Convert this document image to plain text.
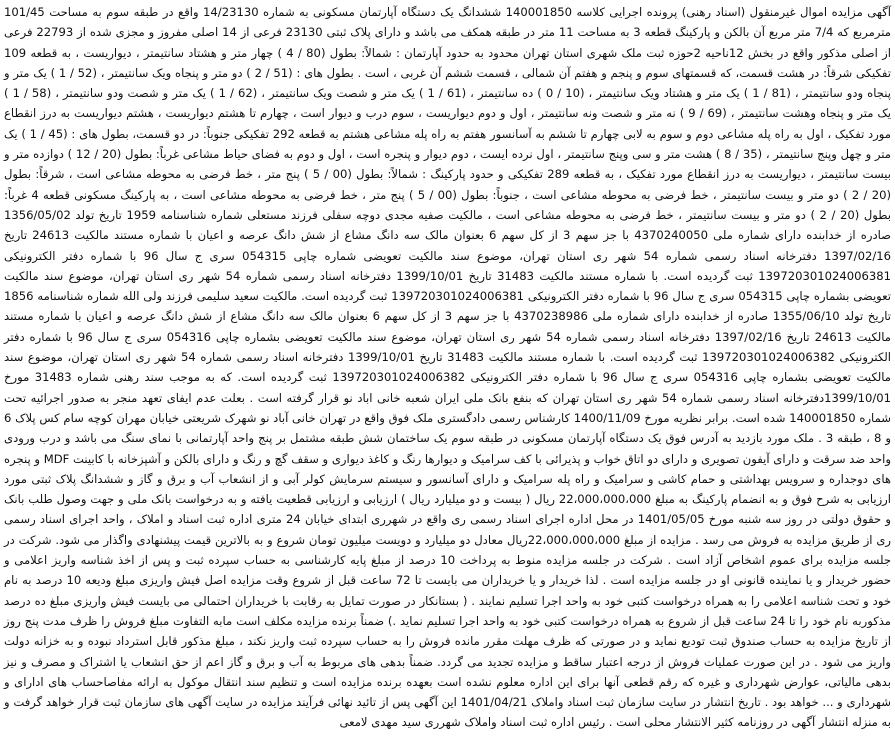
آگهی مزایده اموال غیرمنقول (اسناد رهنی) پرونده اجرایی کلاسه 140001850 ششدانگ یک دستگاه آپارتمان مسکونی به شماره 14/23130 واقع در طبقه سوم به مساحت 101/45 مترمربع که 7/4 متر مربع آن بالکن و پارکینگ قطعه 3 به مساحت 11 متر در طبقه همکف می باشد و دارای پلاک ثبتی 23130 فرعی از 14 اصلی مفروز و مجزی شده از 22793 فرعی از اصلی مذکور واقع در بخش 12ناحیه 2حوزه ثبت ملک شهری استان تهران محدود به حدود آپارتمان : شمالاً: بطول (80 / 4 ) چهار متر و هشتاد سانتیمتر ، دیواریست ، به قطعه 109 تفکیکی شرقاً: در هشت قسمت، که قسمتهای سوم و پنجم و هفتم آن شمالی ، قسمت ششم آن غربی ، است . بطول های : (51 / 2 ) دو متر و پنجاه ویک سانتیمتر ، (52 / 1 ) یک متر و پنجاه ودو سانتیمتر ، (81 / 1 ) یک متر و هشتاد ویک سانتیمتر ، (10 / 0 ) ده سانتیمتر ، (61 / 1 ) یک متر و شصت ویک سانتیمتر ، (62 / 1 ) یک متر و شصت ودو سانتیمتر ، (58 / 1 ) یک متر و پنجاه وهشت سانتیمتر ، (69 / 9 ) نه متر و شصت ونه سانتیمتر ، اول و دوم دیواریست ، سوم درب و دیوار است ، چهارم تا هشتم دیواریست ، هشتم دیواریست به درز انقطاع مورد تفکیک ، اول به راه پله مشاعی دوم و سوم به لابی چهارم تا ششم به آسانسور هفتم به راه پله مشاعی هشتم به قطعه 292 تفکیکی جنوباً: در دو قسمت، بطول های : (45 / 1 ) یک متر و چهل وپنج سانتیمتر ، (35 / 8 ) هشت متر و سی وپنج سانتیمتر ، اول نرده ایست ، دوم دیوار و پنجره است ، اول و دوم به فضای حیاط مشاعی غرباً: بطول (20 / 12 ) دوازده متر و بیست سانتیمتر ، دیواریست به درز انقطاع مورد تفکیک ، به قطعه 289 تفکیکی و حدود پارکینگ : شمالاً: بطول (00 / 5 ) پنج متر ، خط فرضی به محوطه مشاعی است ، شرقاً: بطول (20 / 2 ) دو متر و بیست سانتیمتر ، خط فرضی به محوطه مشاعی است ، جنوباً: بطول (00 / 5 ) پنج متر ، خط فرضی به محوطه مشاعی است ، به پارکینگ مسکونی قطعه 4 غرباً: بطول (20 / 2 ) دو متر و بیست سانتیمتر ، خط فرضی به محوطه مشاعی است ، مالکیت صفیه مجدی دوچه سفلی فرزند مستعلی شماره شناسنامه 1959 تاریخ تولد 1356/05/02 صادره از خدابنده دارای شماره ملی 4370240050 با جز سهم 3 از کل سهم 6 بعنوان مالک سه دانگ مشاع از شش دانگ عرصه و اعیان با شماره مستند مالکیت 24613 تاریخ 1397/02/16 دفترخانه اسناد رسمی شماره 54 شهر ری استان تهران، موضوع سند مالکیت تعویضی شماره چاپی 054315 سری ج سال 96 با شماره دفتر الکترونیکی 139720301024006381 ثبت گردیده است. با شماره مستند مالکیت 31483 تاریخ 1399/10/01 دفترخانه اسناد رسمی شماره 54 شهر ری استان تهران، موضوع سند مالکیت تعویضی بشماره چاپی 054315 سری ج سال 96 با شماره دفتر الکترونیکی 139720301024006381 ثبت گردیده است. مالکیت سعید سلیمی فرزند ولی الله شماره شناسنامه 1856 تاریخ تولد 1355/06/10 صادره از خدابنده دارای شماره ملی 4370238986 با جز سهم 3 از کل سهم 6 بعنوان مالک سه دانگ مشاع از شش دانگ عرصه و اعیان با شماره مستند مالکیت 24613 تاریخ 1397/02/16 دفترخانه اسناد رسمی شماره 54 شهر ری استان تهران، موضوع سند مالکیت تعویضی بشماره چاپی 054316 سری ج سال 96 با شماره دفتر الکترونیکی 139720301024006382 ثبت گردیده است. با شماره مستند مالکیت 31483 تاریخ 1399/10/01 دفترخانه اسناد رسمی شماره 54 شهر ری استان تهران، موضوع سند مالکیت تعویضی بشماره چاپی 054316 سری ج سال 96 با شماره دفتر الکترونیکی 139720301024006382 ثبت گردیده است. که به موجب سند رهنی شماره 31483 مورخ 1399/10/01دفترخانه اسناد رسمی شماره 54 شهر ری استان تهران که بنفع بانک ملی ایران شعبه خانی اباد نو قرار گرفته است . بعلت عدم ایفای تعهد منجر به صدور اجرائیه تحت شماره 140001850 شده است. برابر نظریه مورخ 1400/11/09 کارشناس رسمی دادگستری ملک فوق واقع در تهران خانی آباد نو شهرک شریعتی خیابان مهران کوچه سام کس پلاک 6 و 8 ، طبقه 3 . ملک مورد بازدید به آدرس فوق یک دستگاه آپارتمان مسکونی در طبقه سوم یک ساختمان شش طبقه مشتمل بر پنج واحد آپارتمانی با نمای سنگ می باشد و درب ورودی واحد ضد سرقت و دارای آیفون تصویری و دارای دو اتاق خواب و پذیرائی با کف سرامیک و دیوارها رنگ و کاغذ دیواری و سقف گچ و رنگ و دارای بالکن و آشپزخانه با کابینت MDF و پنجره های دوجداره و سرویس بهداشتی و حمام کاشی و سرامیک و راه پله سرامیک و دارای آسانسور و سیستم سرمایش کولر آبی و از انشعاب آب و برق و گاز و ششدانگ پلاک ثبتی مورد ارزیابی به شرح فوق و به انضمام پارکینگ به مبلغ 22،000،000،000 ریال ( بیست و دو میلیارد ریال ) ارزیابی و ارزیابی قطعیت یافته و به درخواست بانک ملی و جهت وصول طلب بانک و حقوق دولتی در روز سه شنبه مورخ 1401/05/05 در محل اداره اجرای اسناد رسمی ری واقع در شهرری ابتدای خیابان 24 متری اداره ثبت اسناد و املاک ، واحد اجرای اسناد رسمی ری از طریق مزایده به فروش می رسد . مزایده از مبلغ 22،000،000،000ریال معادل دو میلیارد و دویست میلیون تومان شروع و به بالاترین قیمت پیشنهادی واگذار می شود. شرکت در جلسه مزایده برای عموم اشخاص آزاد است . شرکت در جلسه مزایده منوط به پرداخت 10 درصد از مبلغ پایه کارشناسی به حساب سپرده ثبت و پس از اخذ شناسه واریز اعلامی و حضور خریدار و یا نماینده قانونی او در جلسه مزایده است . لذا خریدار و یا خریداران می بایست تا 72 ساعت قبل از شروع وقت مزایده اصل فیش واریزی مبلغ ودیعه 10 درصد به نام خود و تحت شناسه اعلامی را به همراه درخواست کتبی خود به واحد اجرا تسلیم نمایند . ( بستانکار در صورت تمایل به رقابت با خریداران احتمالی می بایست فیش واریزی مبلغ ده درصد مذکوربه نام خود را تا 24 ساعت قبل از شروع به همراه درخواست کتبی خود به واحد اجرا تسلیم نماید .) ضمناً برنده مزایده مکلف است مابه التفاوت مبلغ فروش را ظرف مدت پنج روز از تاریخ مزایده به حساب صندوق ثبت تودیع نماید و در صورتی که ظرف مهلت مقرر مانده فروش را به حساب سپرده ثبت واریز نکند ، مبلغ مذکور قابل استرداد نبوده و به خزانه دولت واریز می شود . در این صورت عملیات فروش از درجه اعتبار ساقط و مزایده تجدید می گردد. ضمناً بدهی های مربوط به آب و برق و گاز اعم از حق انشعاب یا اشتراک و مصرف و نیز بدهی مالیاتی، عوارض شهرداری و غیره که رقم قطعی آنها برای این اداره معلوم نشده است بعهده برنده مزایده است و تنظیم سند انتقال موکول به ارائه مفاصاحساب های ادارای و شهرداری و ... خواهد بود . تاریخ انتشار در سایت سازمان ثبت اسناد واملاک 1401/04/21 این آگهی پس از تائید نهائی فرآیند مزایده در سایت آگهی های سازمان ثبت قرار خواهد گرفت و به منزله انتشار آگهی در روزنامه کثیر الانتشار محلی است . رئیس اداره ثبت اسناد واملاک شهرری سید مهدی لامعی
